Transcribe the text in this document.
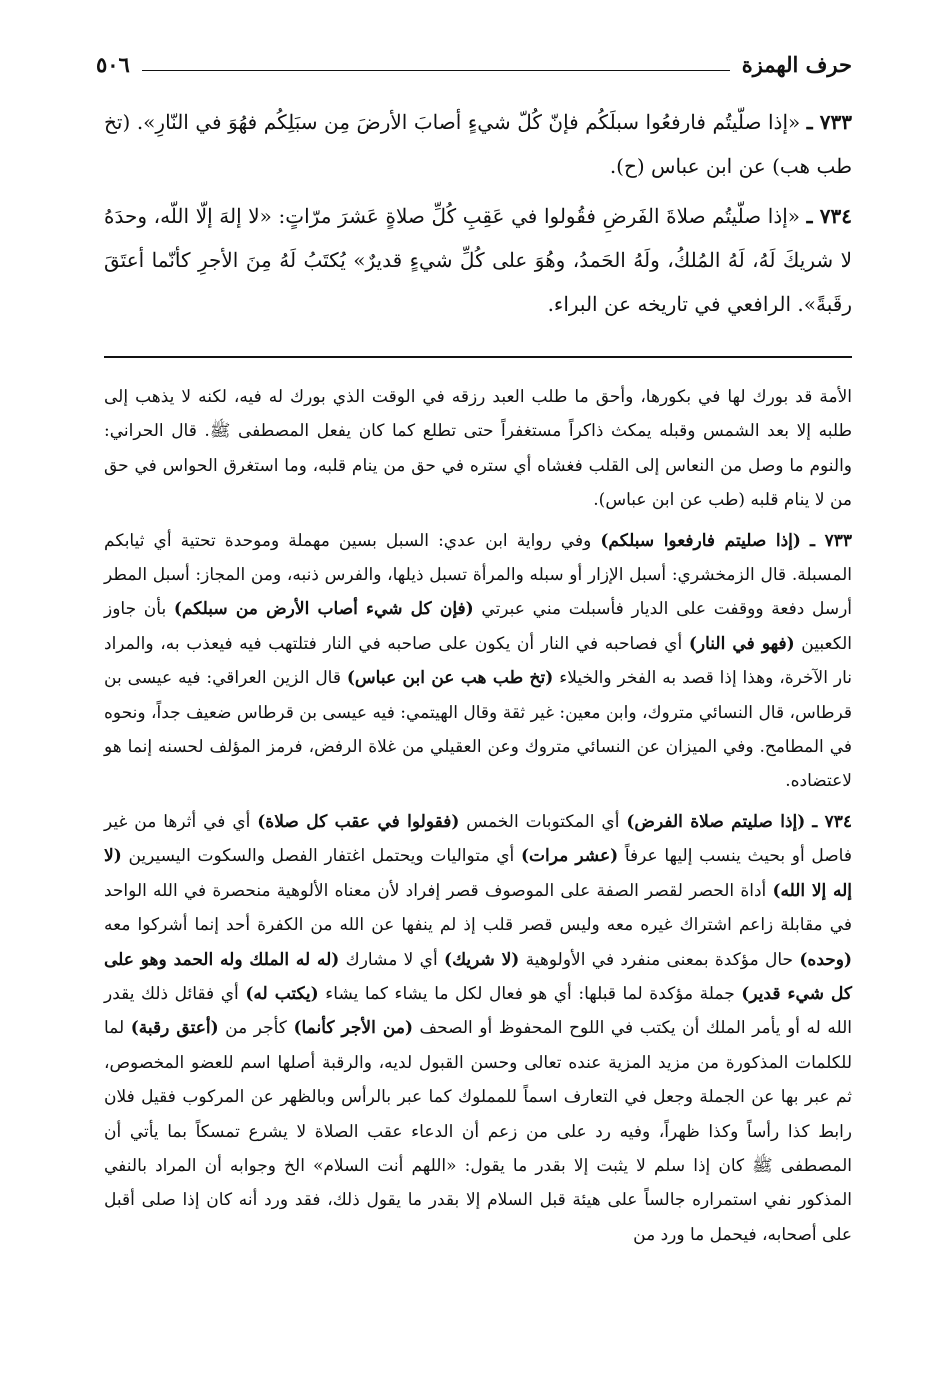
حرف الهمزة
٥٠٦

٧٣٣ ـ «إذا صلّيتُم فارفعُوا سبلَكُم فإنّ كُلّ شيءٍ أصابَ الأرضَ مِن سبَلِكُم فهُوَ في النّارِ». (تخ طب هب) عن ابن عباس (ح).

٧٣٤ ـ «إذا صلّيتُم صلاةَ الفَرضِ فقُولوا في عَقِبِ كُلِّ صلاةٍ عَشرَ مرّاتٍ: «لا إلهَ إلّا اللّه، وحدَهُ لا شريكَ لَهُ، لَهُ المُلكُ، ولَهُ الحَمدُ، وهُوَ على كُلِّ شيءٍ قديرٌ» يُكتَبُ لَهُ مِنَ الأجرِ كأنّما أعتَقَ رقَبةً». الرافعي في تاريخه عن البراء.

الأمة قد بورك لها في بكورها، وأحق ما طلب العبد رزقه في الوقت الذي بورك له فيه، لكنه لا يذهب إلى طلبه إلا بعد الشمس وقبله يمكث ذاكراً مستغفراً حتى تطلع كما كان يفعل المصطفى ﷺ. قال الحراني: والنوم ما وصل من النعاس إلى القلب فغشاه أي ستره في حق من ينام قلبه، وما استغرق الحواس في حق من لا ينام قلبه (طب عن ابن عباس).

٧٣٣ ـ (إذا صليتم فارفعوا سبلكم) وفي رواية ابن عدي: السبل بسين مهملة وموحدة تحتية أي ثيابكم المسبلة. قال الزمخشري: أسبل الإزار أو سبله والمرأة تسبل ذيلها، والفرس ذنبه، ومن المجاز: أسبل المطر أرسل دفعة ووقفت على الديار فأسبلت مني عبرتي (فإن كل شيء أصاب الأرض من سبلكم) بأن جاوز الكعبين (فهو في النار) أي فصاحبه في النار أن يكون على صاحبه في النار فتلتهب فيه فيعذب به، والمراد نار الآخرة، وهذا إذا قصد به الفخر والخيلاء (تخ طب هب عن ابن عباس) قال الزين العراقي: فيه عيسى بن قرطاس، قال النسائي متروك، وابن معين: غير ثقة وقال الهيتمي: فيه عيسى بن قرطاس ضعيف جداً، ونحوه في المطامح. وفي الميزان عن النسائي متروك وعن العقيلي من غلاة الرفض، فرمز المؤلف لحسنه إنما هو لاعتضاده.

٧٣٤ ـ (إذا صليتم صلاة الفرض) أي المكتوبات الخمس (فقولوا في عقب كل صلاة) أي في أثرها من غير فاصل أو بحيث ينسب إليها عرفاً (عشر مرات) أي متواليات ويحتمل اغتفار الفصل والسكوت اليسيرين (لا إله إلا الله) أداة الحصر لقصر الصفة على الموصوف قصر إفراد لأن معناه الألوهية منحصرة في الله الواحد في مقابلة زاعم اشتراك غيره معه وليس قصر قلب إذ لم ينفها عن الله من الكفرة أحد إنما أشركوا معه (وحده) حال مؤكدة بمعنى منفرد في الأولوهية (لا شريك) أي لا مشارك (له له الملك وله الحمد وهو على كل شيء قدير) جملة مؤكدة لما قبلها: أي هو فعال لكل ما يشاء كما يشاء (يكتب له) أي فقائل ذلك يقدر الله له أو يأمر الملك أن يكتب في اللوح المحفوظ أو الصحف (من الأجر كأنما) كأجر من (أعتق رقبة) لما للكلمات المذكورة من مزيد المزية عنده تعالى وحسن القبول لديه، والرقبة أصلها اسم للعضو المخصوص، ثم عبر بها عن الجملة وجعل في التعارف اسماً للمملوك كما عبر بالرأس وبالظهر عن المركوب فقيل فلان رابط كذا رأساً وكذا ظهراً، وفيه رد على من زعم أن الدعاء عقب الصلاة لا يشرع تمسكاً بما يأتي أن المصطفى ﷺ كان إذا سلم لا يثبت إلا بقدر ما يقول: «اللهم أنت السلام» الخ وجوابه أن المراد بالنفي المذكور نفي استمراره جالساً على هيئة قبل السلام إلا بقدر ما يقول ذلك، فقد ورد أنه كان إذا صلى أقبل على أصحابه، فيحمل ما ورد من
